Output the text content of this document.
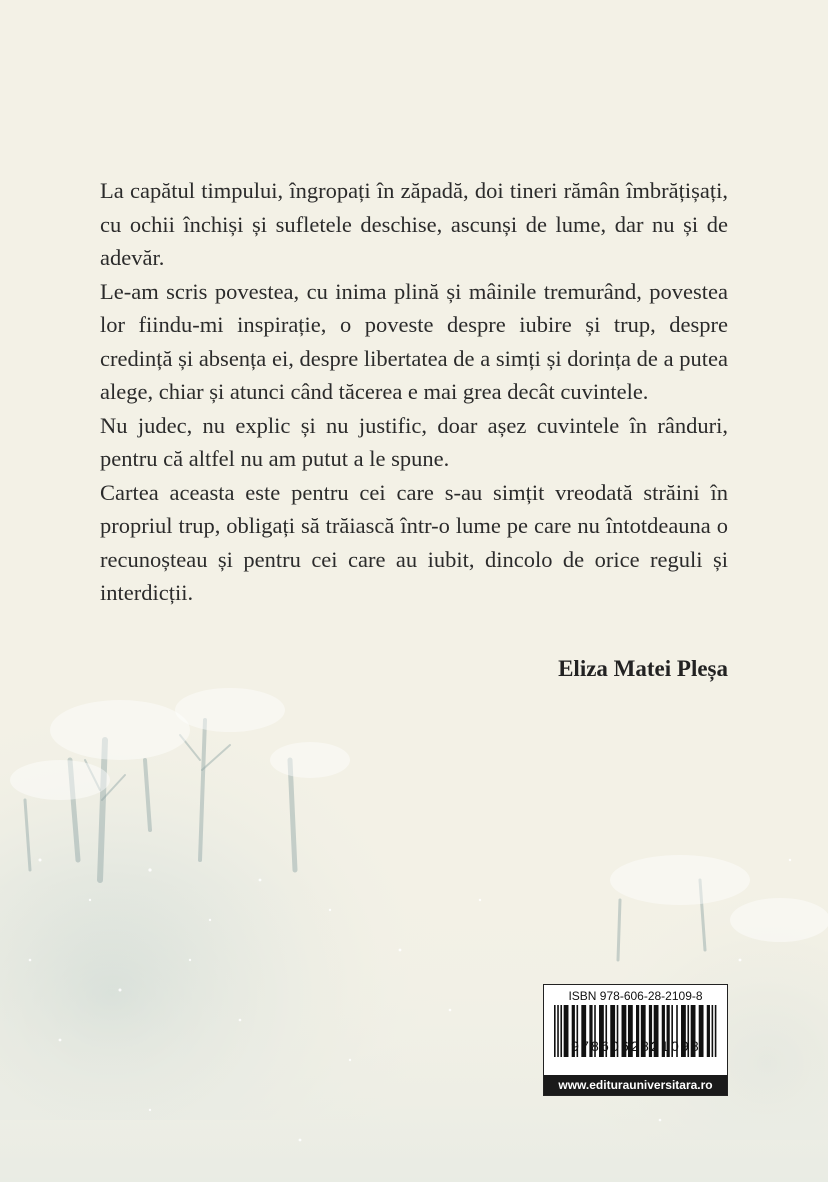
La capătul timpului, îngropați în zăpadă, doi tineri rămân îmbrățișați, cu ochii închiși și sufletele deschise, ascunși de lume, dar nu și de adevăr.

Le-am scris povestea, cu inima plină și mâinile tremurând, povestea lor fiindu-mi inspirație, o poveste despre iubire și trup, despre credință și absența ei, despre libertatea de a simți și dorința de a putea alege, chiar și atunci când tăcerea e mai grea decât cuvintele.

Nu judec, nu explic și nu justific, doar așez cuvintele în rânduri, pentru că altfel nu am putut a le spune.

Cartea aceasta este pentru cei care s-au simțit vreodată străini în propriul trup, obligați să trăiască într-o lume pe care nu întotdeauna o recunoșteau și pentru cei care au iubit, dincolo de orice reguli și interdicții.

Eliza Matei Pleșa
ISBN 978-606-28-2109-8
9786062821098
www.editurauniversitara.ro
